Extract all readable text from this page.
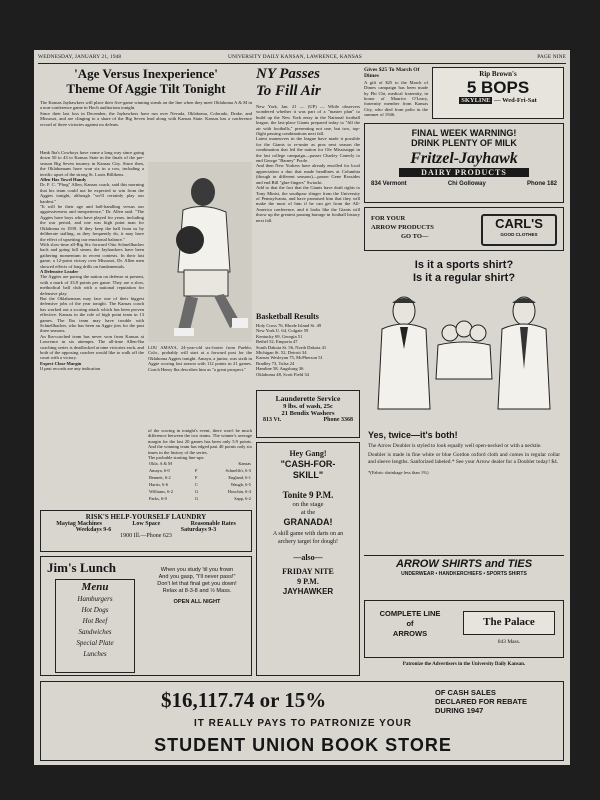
WEDNESDAY, JANUARY 21, 1948	UNIVERSITY DAILY KANSAN, LAWRENCE, KANSAS	PAGE NINE
'Age Versus Inexperience'
Theme Of Aggie Tilt Tonight

The Kansas Jayhawkers will place their five-game winning streak on the line when they meet Oklahoma A & M in a non-conference game in Hoch auditorium tonight.

Since their last loss in December, the Jayhawkers have run over Nevada, Oklahoma, Colorado, Drake, and Missouri, and are clinging to a share of the Big Seven lead along with Kansas State. Kansas has a conference record of three victories against no defeats.

Hank Iba's Cowboys have come a long way since going down 50 to 43 to Kansas State in the finals of the pre-season Big Seven tourney in Kansas City. Since then, the Oklahomans have won six in a row, including a terrific upset of the strong St. Louis Billikens.

Allen Has Towel Handy

Dr. F. C. "Phog" Allen, Kansas coach, said this morning that his team could not be expected to win from the Aggies tonight, although "we'll certainly play our hardest."

"It will be their age and ball-handling versus our aggressiveness and inexperience," Dr. Allen said. "The Aggies have boys who have played for years, including the war period, and one was high point man for Oklahoma in 1939. If they keep the ball from us by deliberate stalling, as they frequently do, it may have the effect of upsetting our emotional balance."

With slow-time all-Big Six forward Otto Schnellbacher back and going full steam, the Jayhawkers have been gathering momentum in recent contests. In their last game, a 12-point victory over Missouri, Dr. Allen men showed effects of long drills on fundamentals.

A Defensive Leader

The Aggies are pacing the nation on defense at present, with a mark of 33.8 points per game. They are a slow, methodical ball club with a national reputation for defensive play.

But the Oklahomans may face one of their biggest defensive jobs of the year tonight. The Kansas coach has worked out a scoring attack which has been proven effective. Kansas in the role of high point team in 13 games. The Iba team may have trouble with Schnellbacher, who has been an Aggie jinx for the past three seasons.

An Iba-coached team has never won from Kansas at Lawrence in six attempts. The all-time Allen-Iba coaching series is deadlocked at nine victories each, and both of the opposing coaches would like to walk off the court with a victory.

Expect Close Margin

If past records are any indication

LOU AMAYA, 24-year-old six-footer from Pueblo, Colo., probably will start at a forward post for the Oklahoma Aggies tonight. Amaya, a junior, was sixth in Aggie scoring last season with 112 points in 21 games. Coach Henry Iba describes him as "a great prospect."

of the scoring in tonight's event, there won't be much difference between the two teams. The winner's average margin for the last 20 games has been only 5.9 points. And the winning team has edged past 40 points only six times in the history of the series.

The probable starting line-ups:

Okla. A & M		Kansas
Amaya, 6-0	F	Schnelib'r, 6-3
Bennett, 6-2	F	England, 6-1
Harris, 6-6	C	Waugh, 6-5
Williams, 6-2	G	Houchin, 6-4
Parks, 6-0	G	Sapp, 6-2
RISK'S HELP-YOURSELF LAUNDRY
Maytag Machines	Low Space	Reasonable Rates
Weekdays 9-6	Saturdays 9-3
1900 Ill.—Phone 623
Jim's Lunch
Menu
Hamburgers
Hot Dogs
Hot Beef
Sandwiches
Special Plate
Lunches
When you study 'til you frown
And you gasp, "I'll never pass!"
Don't let that final get you down!
Relax at 8-3-8 and ½ Mass.
OPEN ALL NIGHT
NY Passes
To Fill Air

New York, Jan. 21 — (UP) — While observers wondered whether it was part of a "master plan" to build up the New York entry in the National football league, the last-place Giants prepared today to "fill the air with footballs," presenting not one, but two, top-flight passing combinations next fall.

Latest maneuvers in the league have made it possible for the Giants to re-unite as pros next season the combination that led the nation for Ole Mississippi in the last college campaign—passer Charley Conerly to end George "Barney" Poole.

And then New Yorkers have already enrolled for local appreciation a duo that made headlines at Columbia (though in different seasons)—passer Gene Rossides and end Bill "glue-fingers" Swiacki.

Add to that the fact that the Giants have draft rights to Tony Minisi, the southpaw slinger from the University of Pennsylvania, and have promised him that they will make the most of him if he can get from the All-America conference, and it looks like the Giants will throw up the greatest passing barrage in football history next fall.

Basketball Results
Holy Cross 76, Rhode Island St. 49
New York U. 64, Colgate 59
Kentucky 69, Georgia 51
Bethel 52, Emporia 47
South Dakota St. 56, North Dakota 41
Michigan St. 52, Detroit 34
Kansas Wesleyan 75, McPherson 51
Bradley 73, Tulsa 24
Hamline 58, Augsburg 36
Oklahoma 48, Scott Field 34
Launderette Service
9 lbs. of wash, 25c
21 Bendix Washers
813 Vt.	Phone 3368
Hey Gang!
"CASH-FOR-
SKILL"
Tonite 9 P.M.
on the stage
at the
GRANADA!
A skill game with darts on an archery target for dough!
—also—
FRIDAY NITE
9 P.M.
JAYHAWKER
Gives $25 To March Of Dimes

A gift of $25 to the March of Dimes campaign has been made by Phi Chi, medical fraternity, in honor of Maurice O'Leary, fraternity member from Kansas City, who died from polio in the summer of 1946.

Rip Brown's
5 BOPS
SKYLINE — Wed-Fri-Sat
FINAL WEEK WARNING!
DRINK PLENTY OF MILK
Fritzel-Jayhawk
DAIRY PRODUCTS
834 Vermont	Chi Golloway	Phone 182
FOR YOUR
ARROW PRODUCTS
GO TO—
CARL'S
GOOD CLOTHES
Is it a sports shirt?
Is it a regular shirt?
Yes, twice—it's both!

The Arrow Doubler is styled to look equally well open-necked or with a necktie.

Doubler is made in fine white or blue Gordon oxford cloth and comes in regular collar and sleeve lengths. Sanforized labeled.* See your Arrow dealer for a Doubler today! $4.

*(Fabric shrinkage less than 1%)

ARROW SHIRTS and TIES
UNDERWEAR • HANDKERCHIEFS • SPORTS SHIRTS
COMPLETE LINE
of
ARROWS
The Palace
843 Mass.
Patronize the Advertisers in the University Daily Kansan.
$16,117.74 or 15%	OF CASH SALES
DECLARED FOR REBATE
DURING 1947
IT REALLY PAYS TO PATRONIZE YOUR
STUDENT UNION BOOK STORE
